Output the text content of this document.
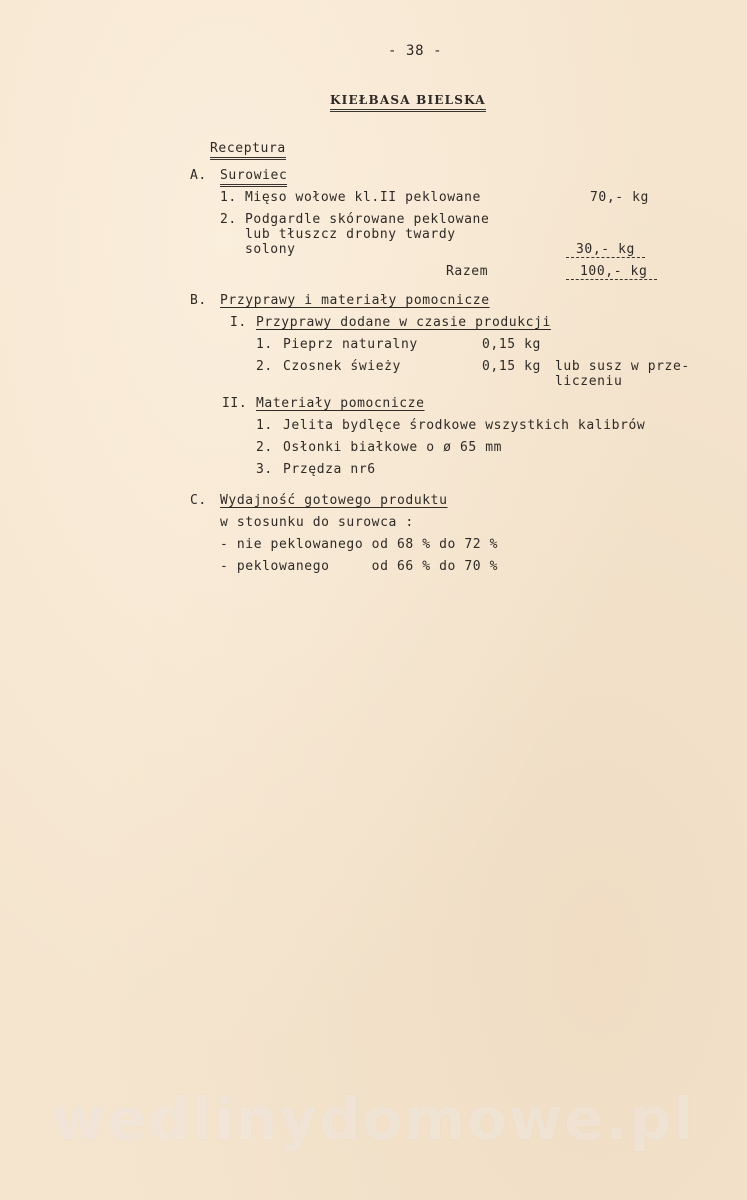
- 38 -
KIEŁBASA BIELSKA
Receptura
A. Surowiec
1. Mięso wołowe kl.II peklowane	70,- kg
2. Podgardle skórowane peklowane
lub tłuszcz drobny twardy
solony	30,- kg
Razem	100,- kg
B. Przyprawy i materiały pomocnicze
I. Przyprawy dodane w czasie produkcji
1. Pieprz naturalny	0,15 kg
2. Czosnek świeży	0,15 kg lub susz w prze-
liczeniu
II. Materiały pomocnicze
1. Jelita bydlęce środkowe wszystkich kalibrów
2. Osłonki białkowe o ø 65 mm
3. Przędza nr6
C. Wydajność gotowego produktu
w stosunku do surowca :
- nie peklowanego od 68 % do 72 %
- peklowanego     od 66 % do 70 %
wedlinydomowe.pl
